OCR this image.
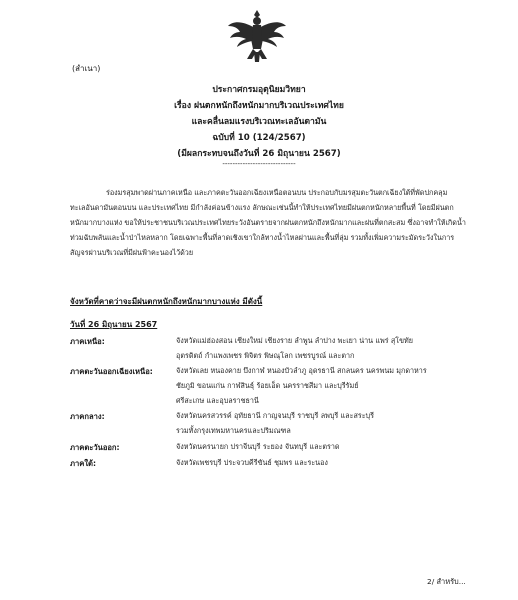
(สำเนา)
ประกาศกรมอุตุนิยมวิทยา
เรื่อง ฝนตกหนักถึงหนักมากบริเวณประเทศไทย
และคลื่นลมแรงบริเวณทะเลอันดามัน
ฉบับที่ 10 (124/2567)
(มีผลกระทบจนถึงวันที่ 26 มิถุนายน 2567)
-----------------------------
ร่องมรสุมพาดผ่านภาคเหนือ และภาคตะวันออกเฉียงเหนือตอนบน ประกอบกับมรสุมตะวันตกเฉียงใต้ที่พัดปกคลุม
ทะเลอันดามันตอนบน และประเทศไทย มีกำลังค่อนข้างแรง ลักษณะเช่นนี้ทำให้ประเทศไทยมีฝนตกหนักหลายพื้นที่ โดยมีฝนตก
หนักมากบางแห่ง ขอให้ประชาชนบริเวณประเทศไทยระวังอันตรายจากฝนตกหนักถึงหนักมากและฝนที่ตกสะสม ซึ่งอาจทำให้เกิดน้ำ
ท่วมฉับพลันและน้ำป่าไหลหลาก โดยเฉพาะพื้นที่ลาดเชิงเขาใกล้ทางน้ำไหลผ่านและพื้นที่ลุ่ม รวมทั้งเพิ่มความระมัดระวังในการ
สัญจรผ่านบริเวณที่มีฝนฟ้าคะนองไว้ด้วย
จังหวัดที่คาดว่าจะมีฝนตกหนักถึงหนักมากบางแห่ง มีดังนี้
วันที่ 26 มิถุนายน 2567
ภาคเหนือ:	จังหวัดแม่ฮ่องสอน เชียงใหม่ เชียงราย ลำพูน ลำปาง พะเยา น่าน แพร่ สุโขทัย
อุตรดิตถ์ กำแพงเพชร พิจิตร พิษณุโลก เพชรบูรณ์ และตาก
ภาคตะวันออกเฉียงเหนือ:	จังหวัดเลย หนองคาย บึงกาฬ หนองบัวลำภู อุดรธานี สกลนคร นครพนม มุกดาหาร
ชัยภูมิ ขอนแก่น กาฬสินธุ์ ร้อยเอ็ด นครราชสีมา และบุรีรัมย์
ศรีสะเกษ และอุบลราชธานี
ภาคกลาง:	จังหวัดนครสวรรค์ อุทัยธานี กาญจนบุรี ราชบุรี ลพบุรี และสระบุรี
รวมทั้งกรุงเทพมหานครและปริมณฑล
ภาคตะวันออก:	จังหวัดนครนายก ปราจีนบุรี ระยอง จันทบุรี และตราด
ภาคใต้:	จังหวัดเพชรบุรี ประจวบคีรีขันธ์ ชุมพร และระนอง
2/ สำหรับ...
